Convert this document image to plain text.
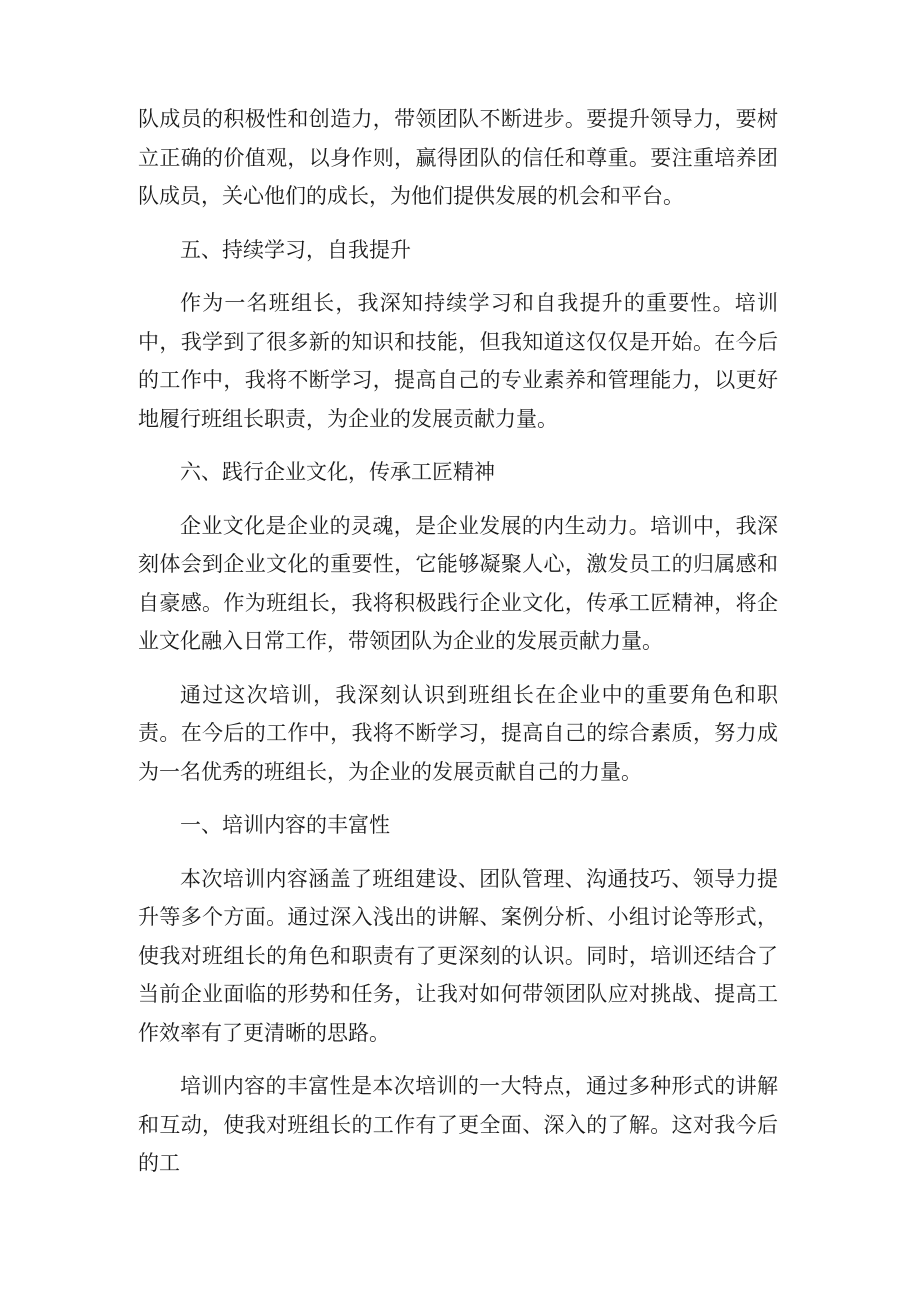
队成员的积极性和创造力，带领团队不断进步。要提升领导力，要树立正确的价值观，以身作则，赢得团队的信任和尊重。要注重培养团队成员，关心他们的成长，为他们提供发展的机会和平台。

五、持续学习，自我提升

作为一名班组长，我深知持续学习和自我提升的重要性。培训中，我学到了很多新的知识和技能，但我知道这仅仅是开始。在今后的工作中，我将不断学习，提高自己的专业素养和管理能力，以更好地履行班组长职责，为企业的发展贡献力量。

六、践行企业文化，传承工匠精神

企业文化是企业的灵魂，是企业发展的内生动力。培训中，我深刻体会到企业文化的重要性，它能够凝聚人心，激发员工的归属感和自豪感。作为班组长，我将积极践行企业文化，传承工匠精神，将企业文化融入日常工作，带领团队为企业的发展贡献力量。

通过这次培训，我深刻认识到班组长在企业中的重要角色和职责。在今后的工作中，我将不断学习，提高自己的综合素质，努力成为一名优秀的班组长，为企业的发展贡献自己的力量。

一、培训内容的丰富性

本次培训内容涵盖了班组建设、团队管理、沟通技巧、领导力提升等多个方面。通过深入浅出的讲解、案例分析、小组讨论等形式，使我对班组长的角色和职责有了更深刻的认识。同时，培训还结合了当前企业面临的形势和任务，让我对如何带领团队应对挑战、提高工作效率有了更清晰的思路。

培训内容的丰富性是本次培训的一大特点，通过多种形式的讲解和互动，使我对班组长的工作有了更全面、深入的了解。这对我今后的工
